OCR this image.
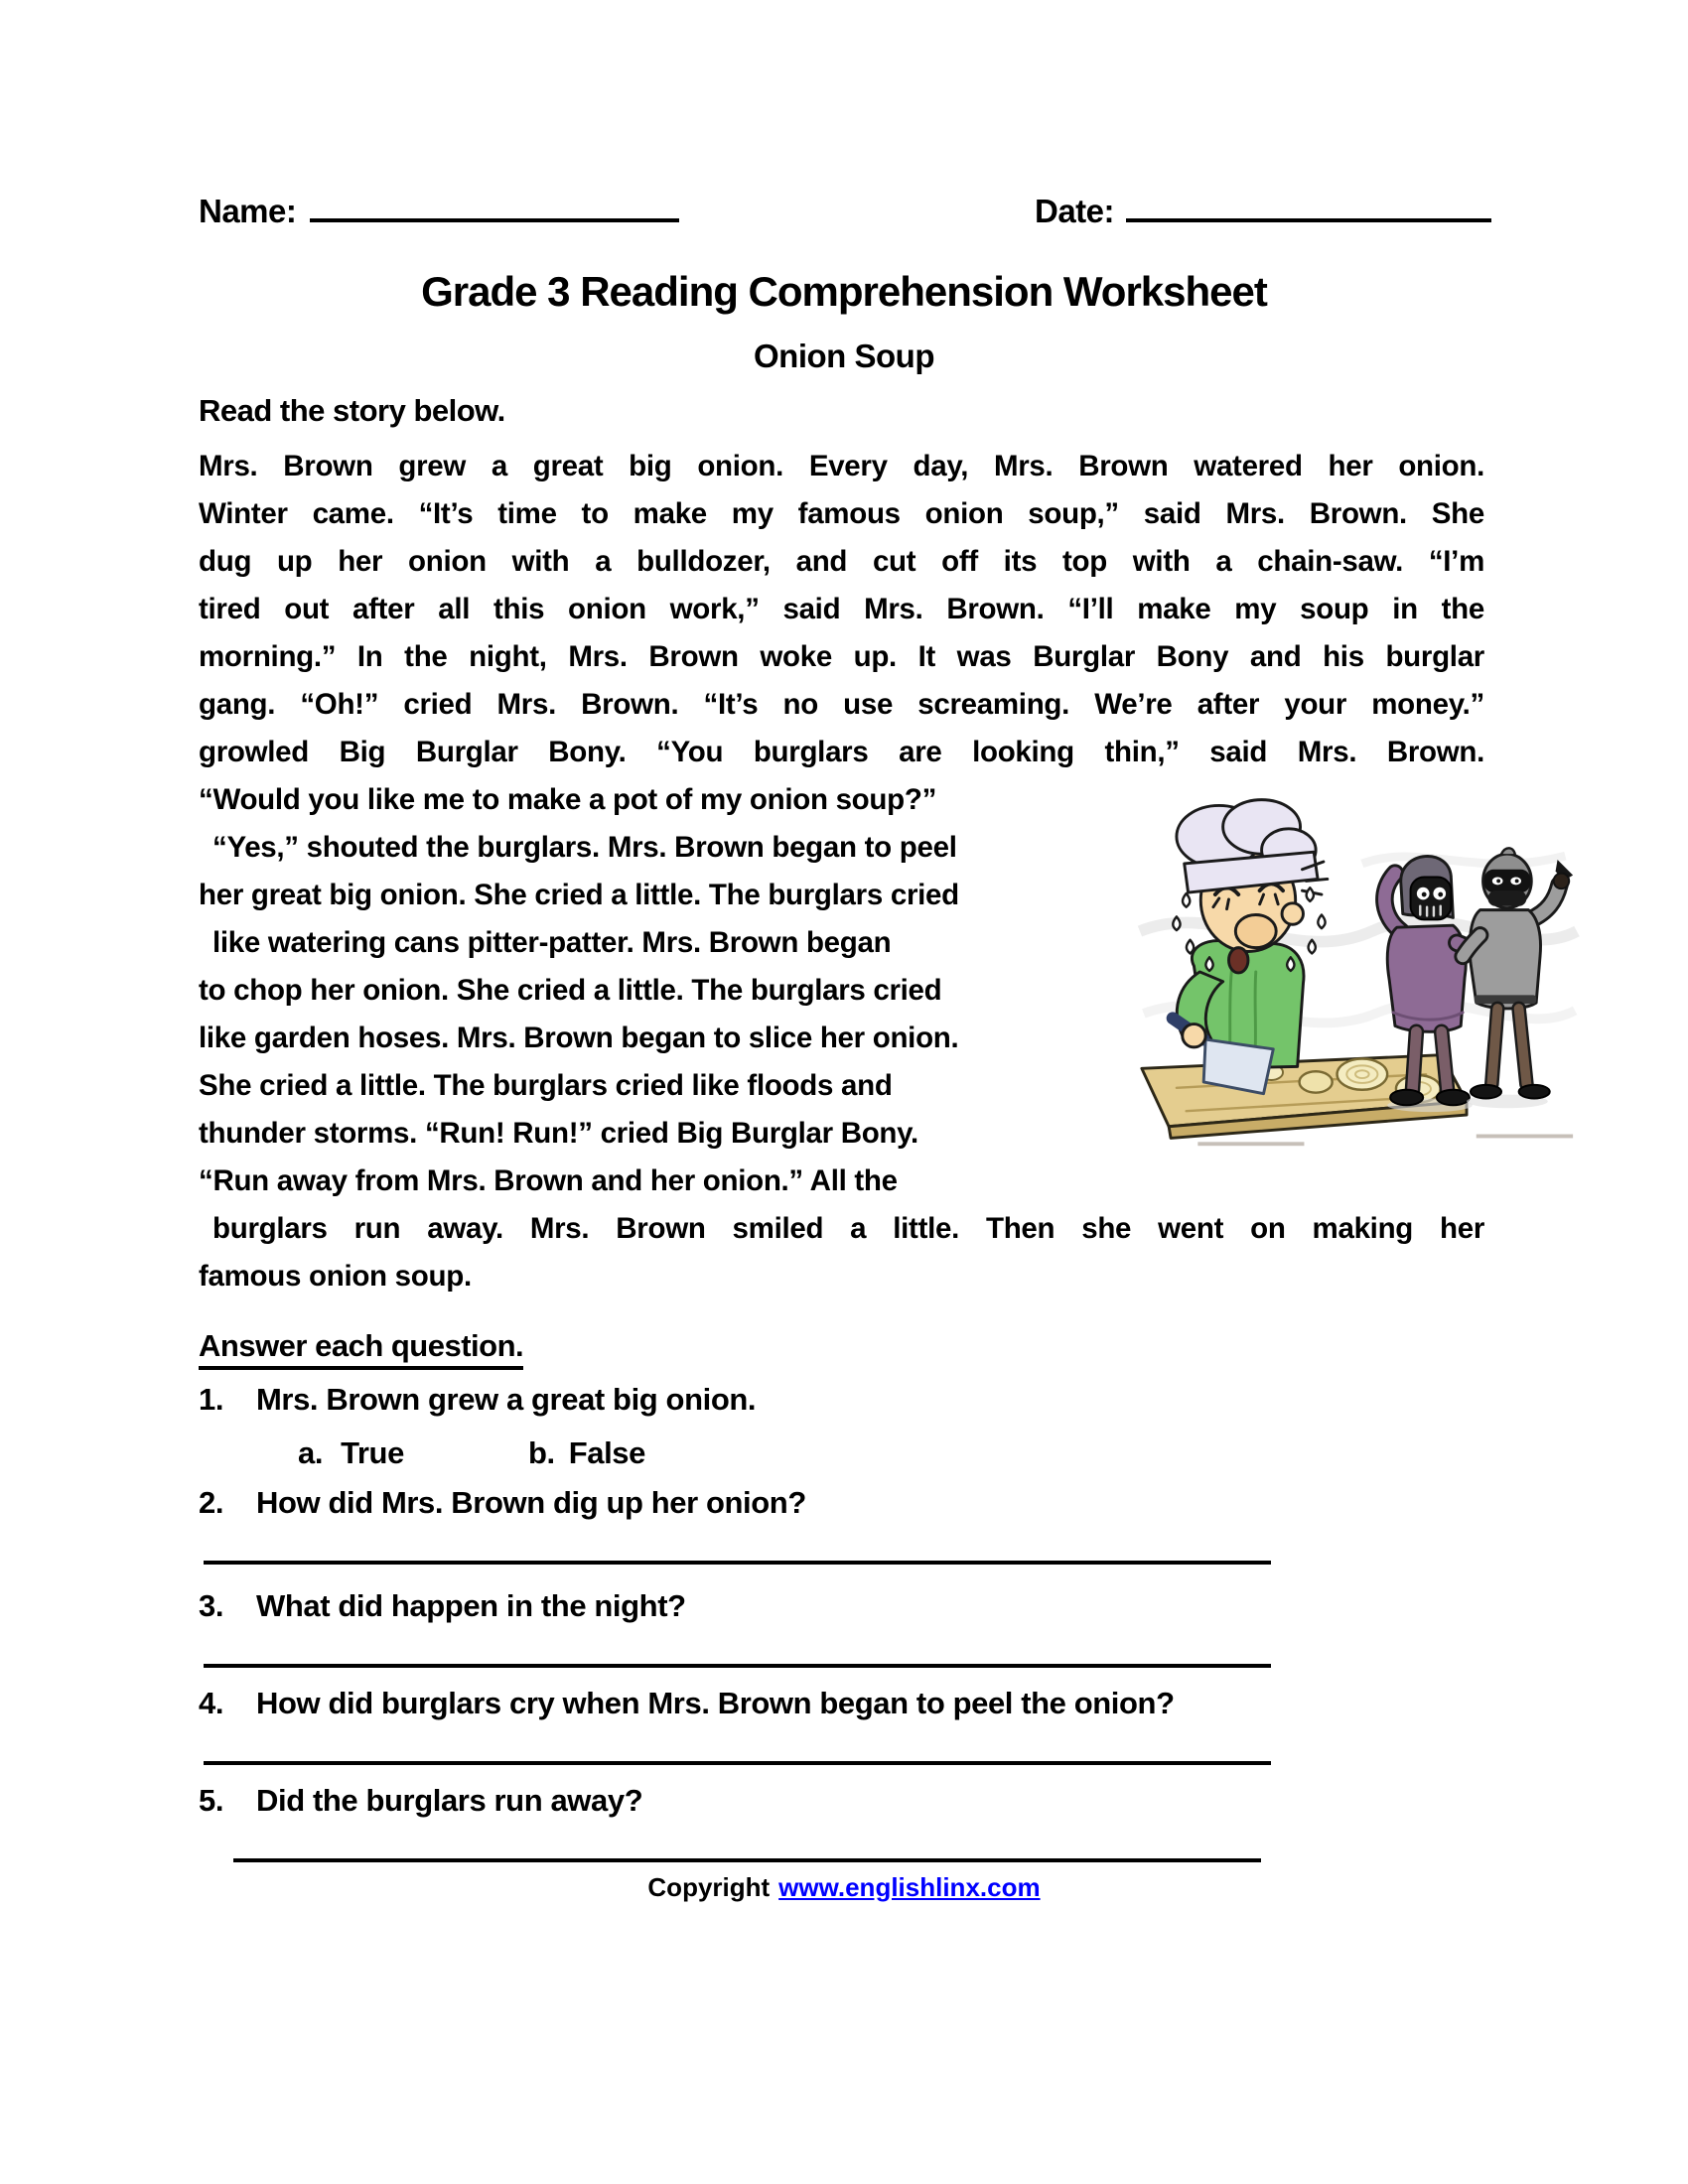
Name:	Date:
Grade 3 Reading Comprehension Worksheet
Onion Soup
Read the story below.
Mrs. Brown grew a great big onion. Every day, Mrs. Brown watered her onion.
Winter came. “It’s time to make my famous onion soup,” said Mrs. Brown. She
dug up her onion with a bulldozer, and cut off its top with a chain-saw. “I’m
tired out after all this onion work,” said Mrs. Brown. “I’ll make my soup in the
morning.” In the night, Mrs. Brown woke up. It was Burglar Bony and his burglar
gang. “Oh!” cried Mrs. Brown. “It’s no use screaming. We’re after your money.”
growled Big Burglar Bony. “You burglars are looking thin,” said Mrs. Brown.
“Would you like me to make a pot of my onion soup?”
“Yes,” shouted the burglars. Mrs. Brown began to peel
her great big onion. She cried a little. The burglars cried
like watering cans pitter-patter. Mrs. Brown began
to chop her onion. She cried a little. The burglars cried
like garden hoses. Mrs. Brown began to slice her onion.
She cried a little. The burglars cried like floods and
thunder storms. “Run! Run!” cried Big Burglar Bony.
“Run away from Mrs. Brown and her onion.” All the
burglars run away. Mrs. Brown smiled a little. Then she went on making her
famous onion soup.
Answer each question.
1.	Mrs. Brown grew a great big onion.
a. True	b. False
2.	How did Mrs. Brown dig up her onion?
3.	What did happen in the night?
4.	How did burglars cry when Mrs. Brown began to peel the onion?
5.	Did the burglars run away?
Copyright www.englishlinx.com
